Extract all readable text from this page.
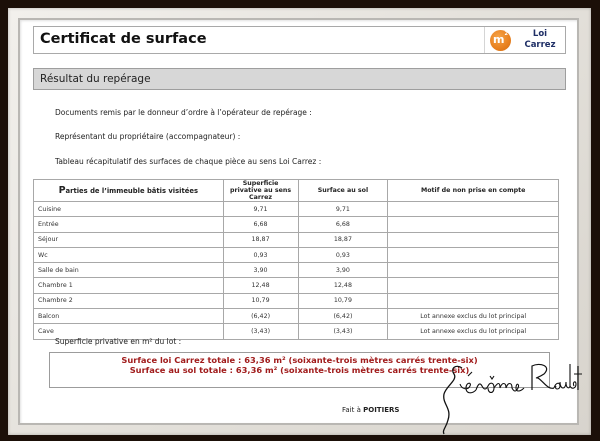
Certificat de surface	$m^2$	Loi
Carrez
Résultat du repérage
Documents remis par le donneur d’ordre à l’opérateur de repérage :
Représentant du propriétaire (accompagnateur) :
Tableau récapitulatif des surfaces de chaque pièce au sens Loi Carrez :
Parties de l’immeuble bâtis visitées	Superficie privative au sens Carrez	Surface au sol	Motif de non prise en compte
Cuisine	9,71	9,71	
Entrée	6,68	6,68	
Séjour	18,87	18,87	
Wc	0,93	0,93	
Salle de bain	3,90	3,90	
Chambre 1	12,48	12,48	
Chambre 2	10,79	10,79	
Balcon	(6,42)	(6,42)	Lot annexe exclus du lot principal
Cave	(3,43)	(3,43)	Lot annexe exclus du lot principal
Superficie privative en m² du lot :
Surface loi Carrez totale : 63,36 m² (soixante-trois mètres carrés trente-six)
Surface au sol totale : 63,36 m² (soixante-trois mètres carrés trente-six)
Fait à POITIERS
